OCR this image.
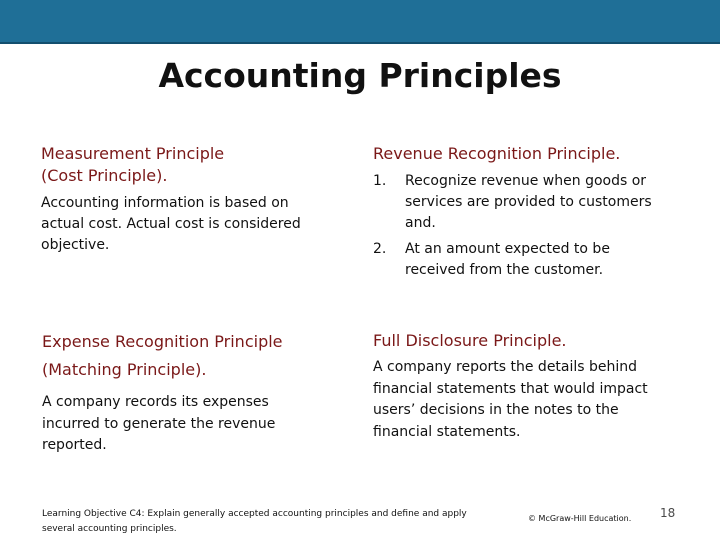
Accounting Principles
Measurement Principle
(Cost Principle).
Accounting information is based on actual cost. Actual cost is considered objective.
Revenue Recognition Principle.
1.	Recognize revenue when goods or services are provided to customers and.
2.	At an amount expected to be received from the customer.
Expense Recognition Principle
(Matching Principle).
A company records its expenses incurred to generate the revenue reported.
Full Disclosure Principle.
A company reports the details behind financial statements that would impact users’ decisions in the notes to the financial statements.
Learning Objective C4: Explain generally accepted accounting principles and define and apply several accounting principles.
© McGraw-Hill Education. 18
